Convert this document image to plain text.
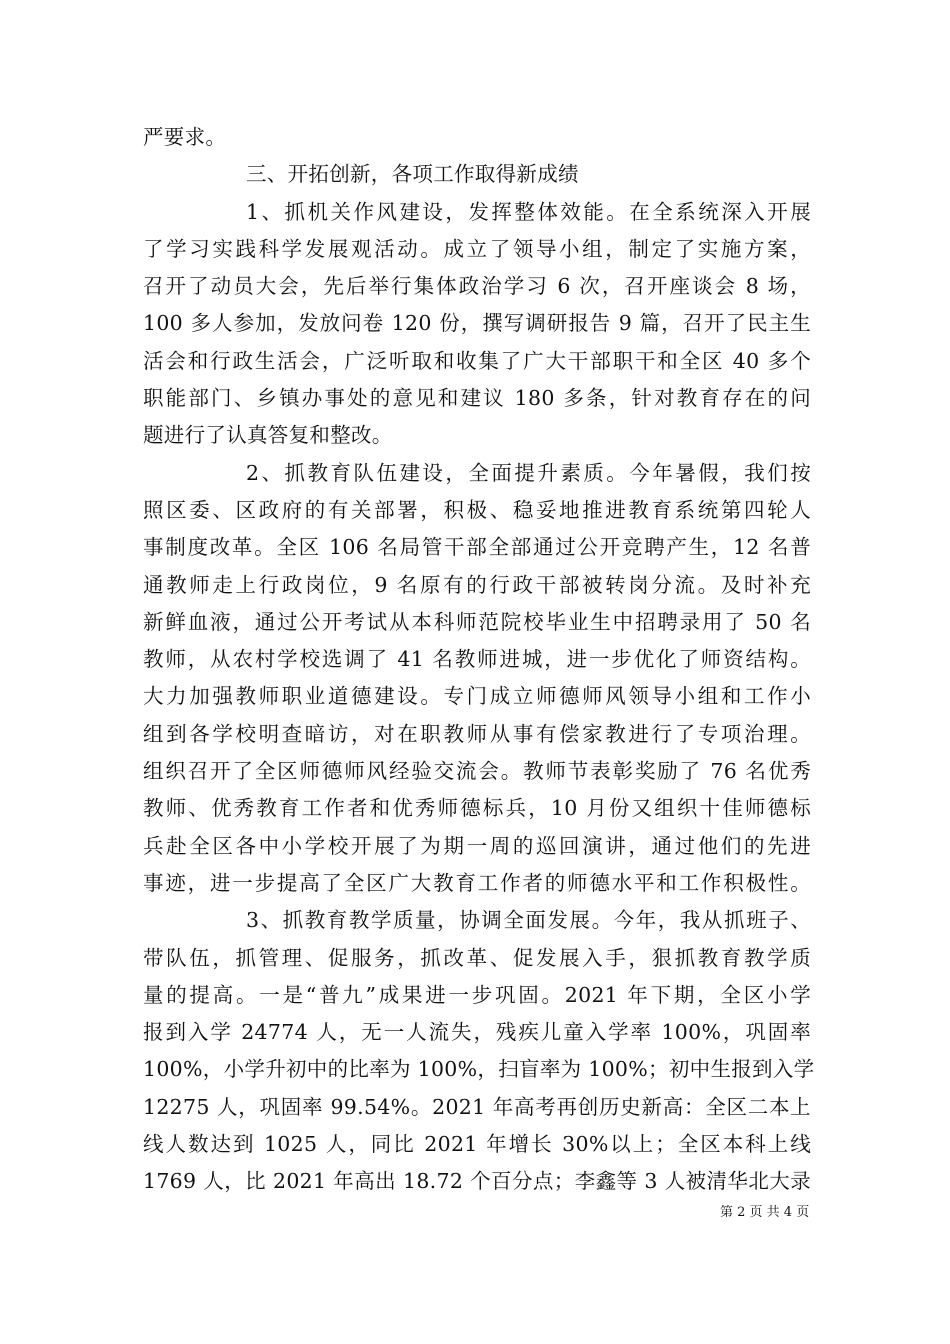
严要求。
三、开拓创新，各项工作取得新成绩
1、抓机关作风建设，发挥整体效能。在全系统深入开展
了学习实践科学发展观活动。成立了领导小组，制定了实施方案，
召开了动员大会，先后举行集体政治学习 6 次，召开座谈会 8 场，
100 多人参加，发放问卷 120 份，撰写调研报告 9 篇，召开了民主生
活会和行政生活会，广泛听取和收集了广大干部职干和全区 40 多个
职能部门、乡镇办事处的意见和建议 180 多条，针对教育存在的问
题进行了认真答复和整改。
2、抓教育队伍建设，全面提升素质。今年暑假，我们按
照区委、区政府的有关部署，积极、稳妥地推进教育系统第四轮人
事制度改革。全区 106 名局管干部全部通过公开竞聘产生，12 名普
通教师走上行政岗位，9 名原有的行政干部被转岗分流。及时补充
新鲜血液，通过公开考试从本科师范院校毕业生中招聘录用了 50 名
教师，从农村学校选调了 41 名教师进城，进一步优化了师资结构。
大力加强教师职业道德建设。专门成立师德师风领导小组和工作小
组到各学校明查暗访，对在职教师从事有偿家教进行了专项治理。
组织召开了全区师德师风经验交流会。教师节表彰奖励了 76 名优秀
教师、优秀教育工作者和优秀师德标兵，10 月份又组织十佳师德标
兵赴全区各中小学校开展了为期一周的巡回演讲，通过他们的先进
事迹，进一步提高了全区广大教育工作者的师德水平和工作积极性。
3、抓教育教学质量，协调全面发展。今年，我从抓班子、
带队伍，抓管理、促服务，抓改革、促发展入手，狠抓教育教学质
量的提高。一是“普九”成果进一步巩固。2021 年下期，全区小学
报到入学 24774 人，无一人流失，残疾儿童入学率 100%，巩固率
100%，小学升初中的比率为 100%，扫盲率为 100%；初中生报到入学
12275 人，巩固率 99.54%。2021 年高考再创历史新高：全区二本上
线人数达到 1025 人，同比 2021 年增长 30%以上；全区本科上线
1769 人，比 2021 年高出 18.72 个百分点；李鑫等 3 人被清华北大录
第 2 页 共 4 页
